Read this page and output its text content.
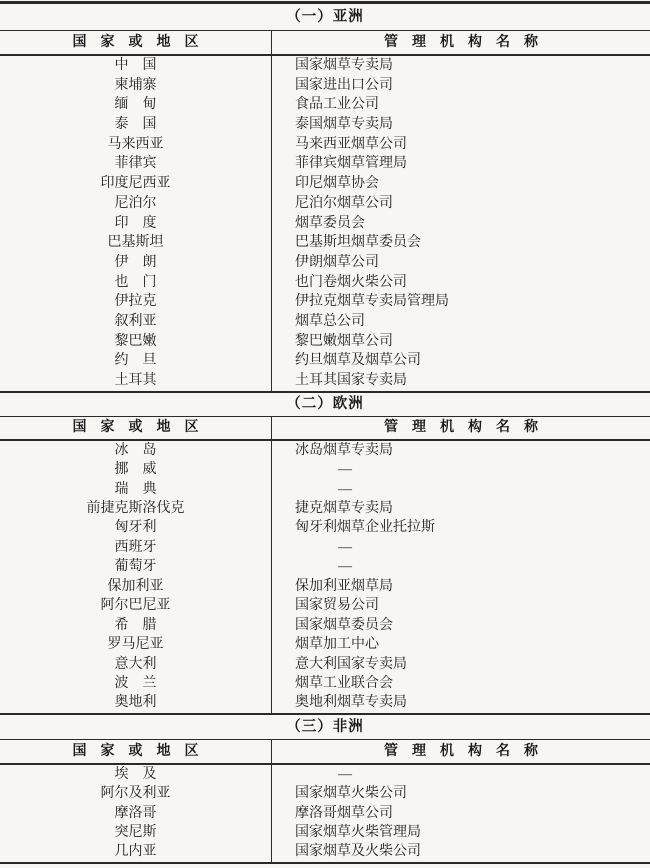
（一）亚洲
国　家　或　地　区	管　理　机　构　名　称
中　国	国家烟草专卖局
柬埔寨	国家进出口公司
缅　甸	食品工业公司
泰　国	泰国烟草专卖局
马来西亚	马来西亚烟草公司
菲律宾	菲律宾烟草管理局
印度尼西亚	印尼烟草协会
尼泊尔	尼泊尔烟草公司
印　度	烟草委员会
巴基斯坦	巴基斯坦烟草委员会
伊　朗	伊朗烟草公司
也　门	也门卷烟火柴公司
伊拉克	伊拉克烟草专卖局管理局
叙利亚	烟草总公司
黎巴嫩	黎巴嫩烟草公司
约　旦	约旦烟草及烟草公司
土耳其	土耳其国家专卖局
（二）欧洲
国　家　或　地　区	管　理　机　构　名　称
冰　岛	冰岛烟草专卖局
挪　威	—
瑞　典	—
前捷克斯洛伐克	捷克烟草专卖局
匈牙利	匈牙利烟草企业托拉斯
西班牙	—
葡萄牙	—
保加利亚	保加利亚烟草局
阿尔巴尼亚	国家贸易公司
希　腊	国家烟草委员会
罗马尼亚	烟草加工中心
意大利	意大利国家专卖局
波　兰	烟草工业联合会
奥地利	奥地利烟草专卖局
（三）非洲
国　家　或　地　区	管　理　机　构　名　称
埃　及	—
阿尔及利亚	国家烟草火柴公司
摩洛哥	摩洛哥烟草公司
突尼斯	国家烟草火柴管理局
几内亚	国家烟草及火柴公司
